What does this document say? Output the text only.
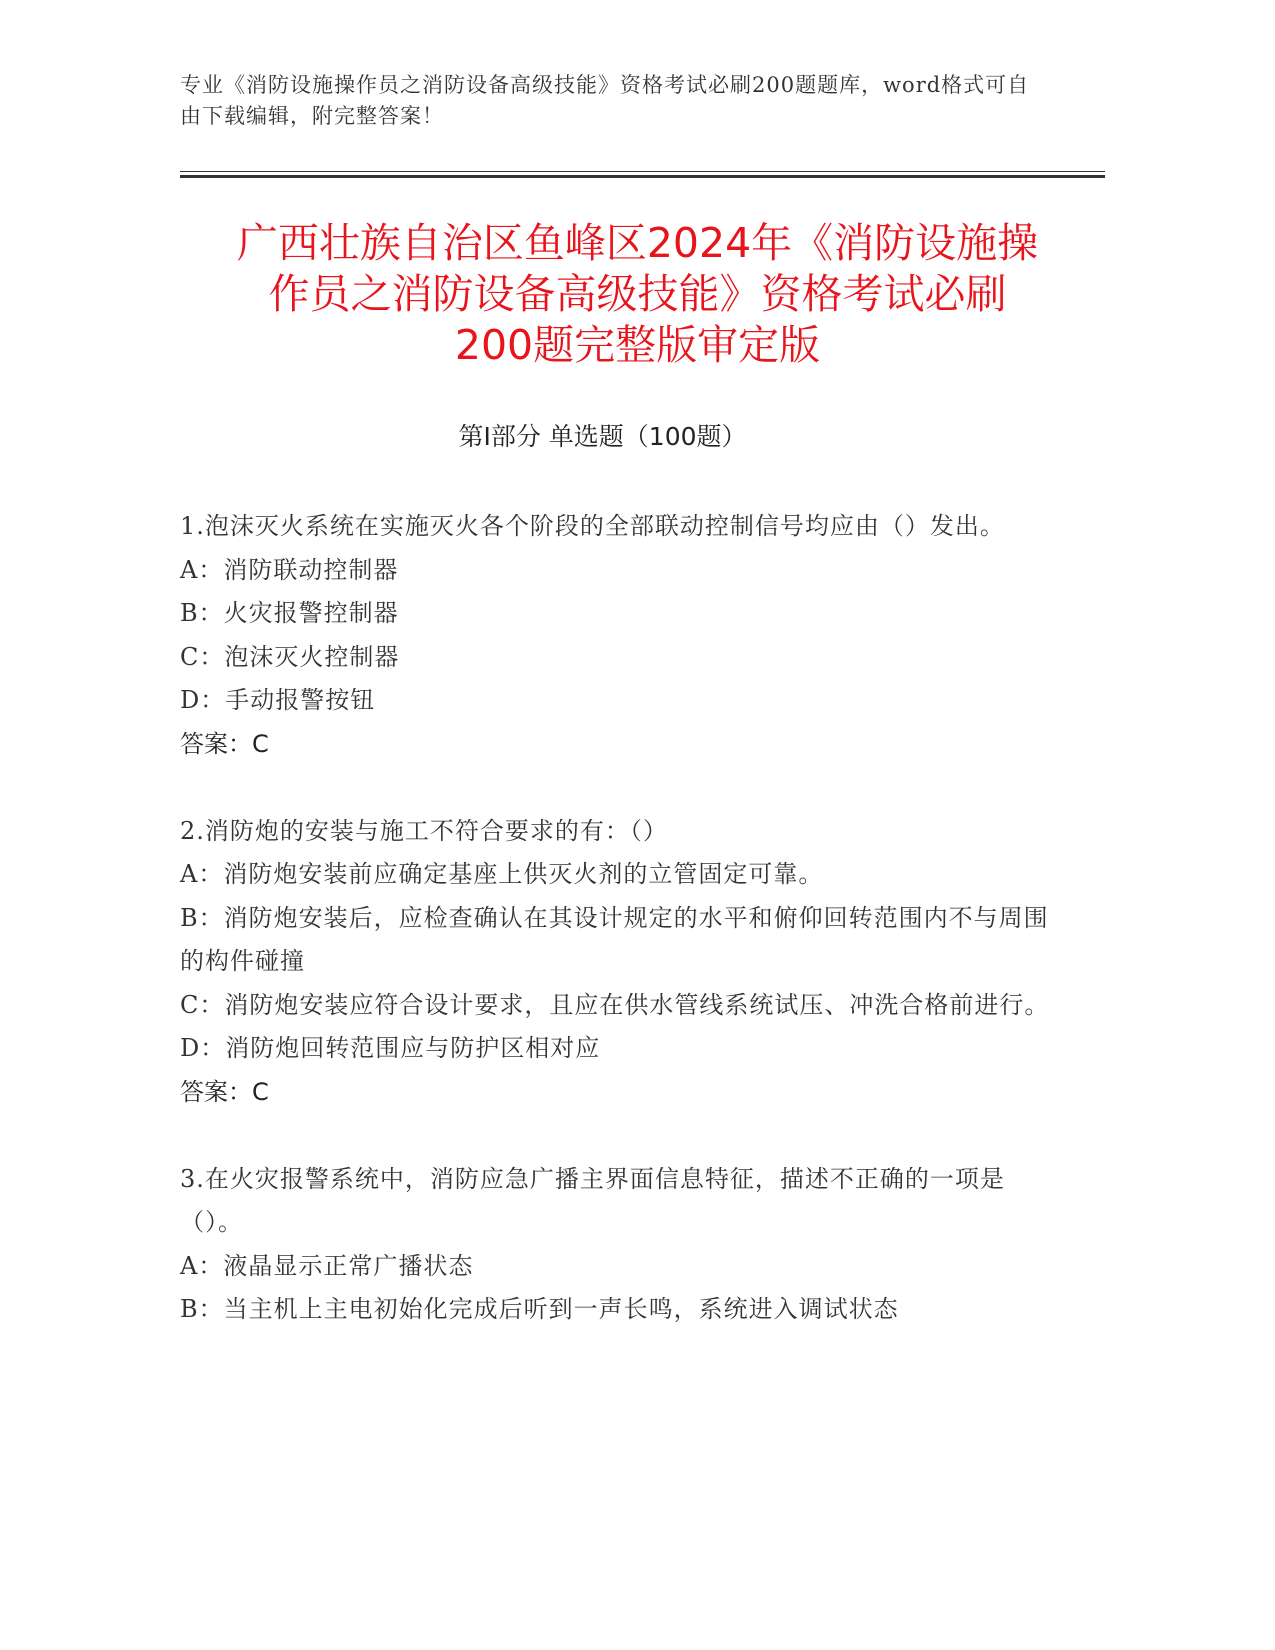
专业《消防设施操作员之消防设备高级技能》资格考试必刷200题题库，word格式可自由下载编辑，附完整答案！
广西壮族自治区鱼峰区2024年《消防设施操
作员之消防设备高级技能》资格考试必刷
200题完整版审定版
第I部分 单选题（100题）
1.泡沫灭火系统在实施灭火各个阶段的全部联动控制信号均应由（）发出。
A：消防联动控制器
B：火灾报警控制器
C：泡沫灭火控制器
D：手动报警按钮
答案：C
2.消防炮的安装与施工不符合要求的有：（）
A：消防炮安装前应确定基座上供灭火剂的立管固定可靠。
B：消防炮安装后，应检查确认在其设计规定的水平和俯仰回转范围内不与周围的构件碰撞
C：消防炮安装应符合设计要求，且应在供水管线系统试压、冲洗合格前进行。
D：消防炮回转范围应与防护区相对应
答案：C
3.在火灾报警系统中，消防应急广播主界面信息特征，描述不正确的一项是（）。
A：液晶显示正常广播状态
B：当主机上主电初始化完成后听到一声长鸣，系统进入调试状态
